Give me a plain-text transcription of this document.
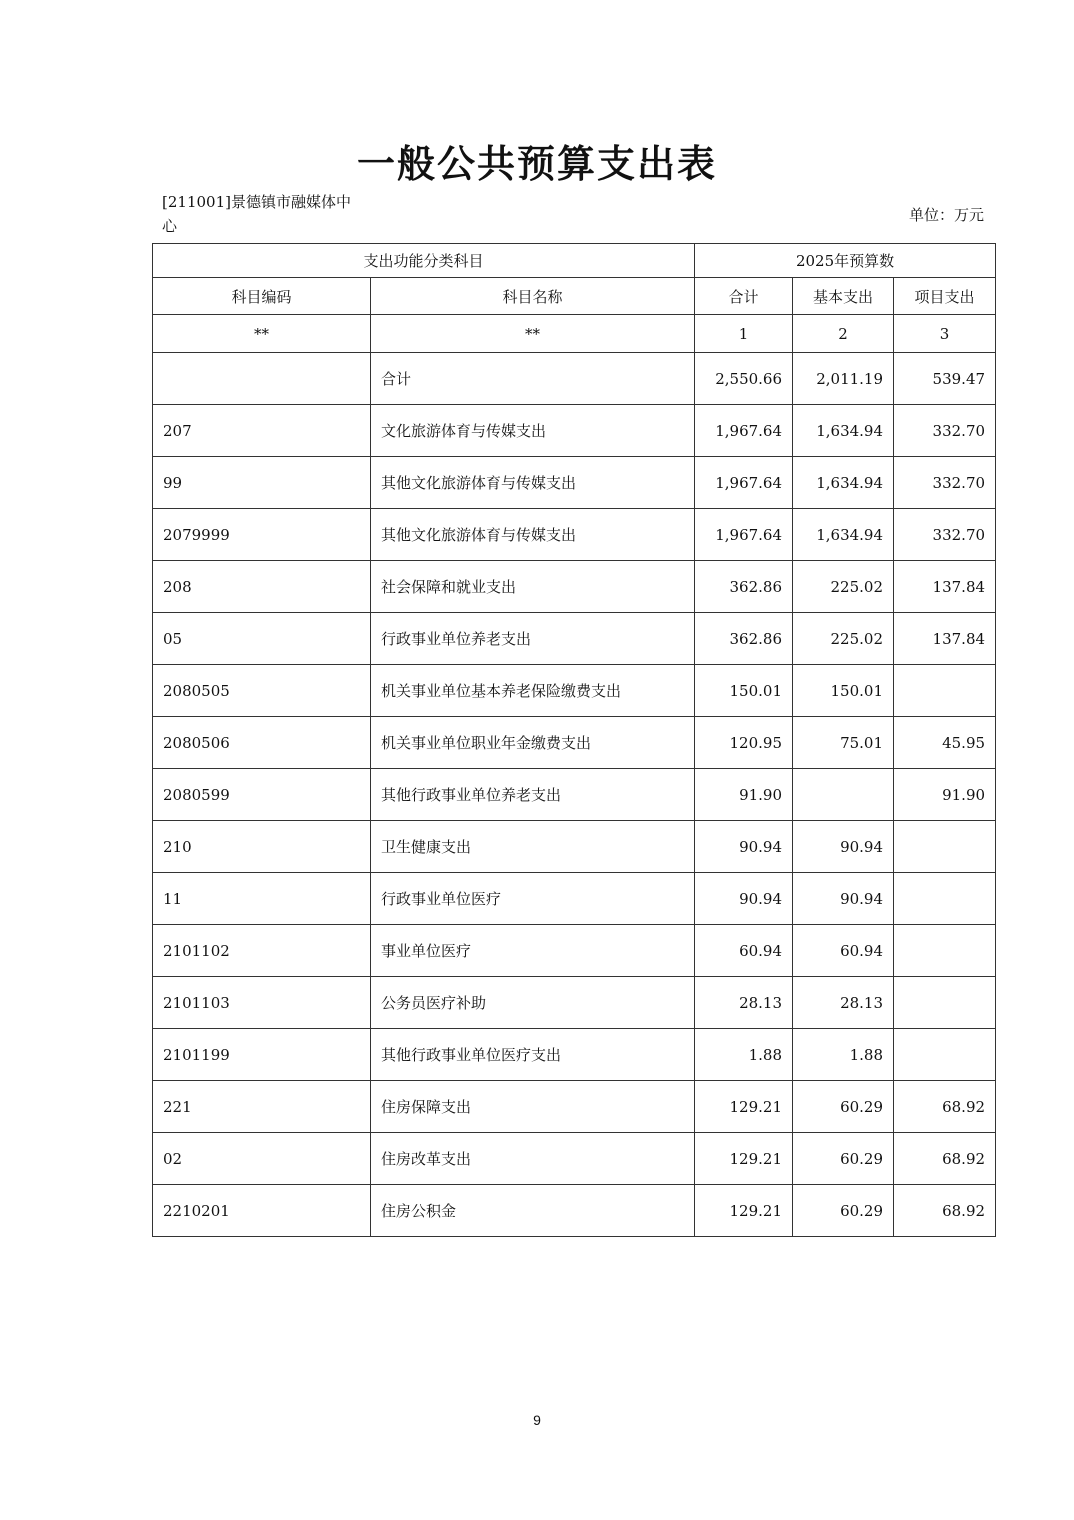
一般公共预算支出表
[211001]景德镇市融媒体中心
单位：万元
支出功能分类科目		2025年预算数		
科目编码	科目名称	合计	基本支出	项目支出
**	**	1	2	3
	合计	2,550.66	2,011.19	539.47
207	文化旅游体育与传媒支出	1,967.64	1,634.94	332.70
99	其他文化旅游体育与传媒支出	1,967.64	1,634.94	332.70
2079999	其他文化旅游体育与传媒支出	1,967.64	1,634.94	332.70
208	社会保障和就业支出	362.86	225.02	137.84
05	行政事业单位养老支出	362.86	225.02	137.84
2080505	机关事业单位基本养老保险缴费支出	150.01	150.01	
2080506	机关事业单位职业年金缴费支出	120.95	75.01	45.95
2080599	其他行政事业单位养老支出	91.90		91.90
210	卫生健康支出	90.94	90.94	
11	行政事业单位医疗	90.94	90.94	
2101102	事业单位医疗	60.94	60.94	
2101103	公务员医疗补助	28.13	28.13	
2101199	其他行政事业单位医疗支出	1.88	1.88	
221	住房保障支出	129.21	60.29	68.92
02	住房改革支出	129.21	60.29	68.92
2210201	住房公积金	129.21	60.29	68.92
9
